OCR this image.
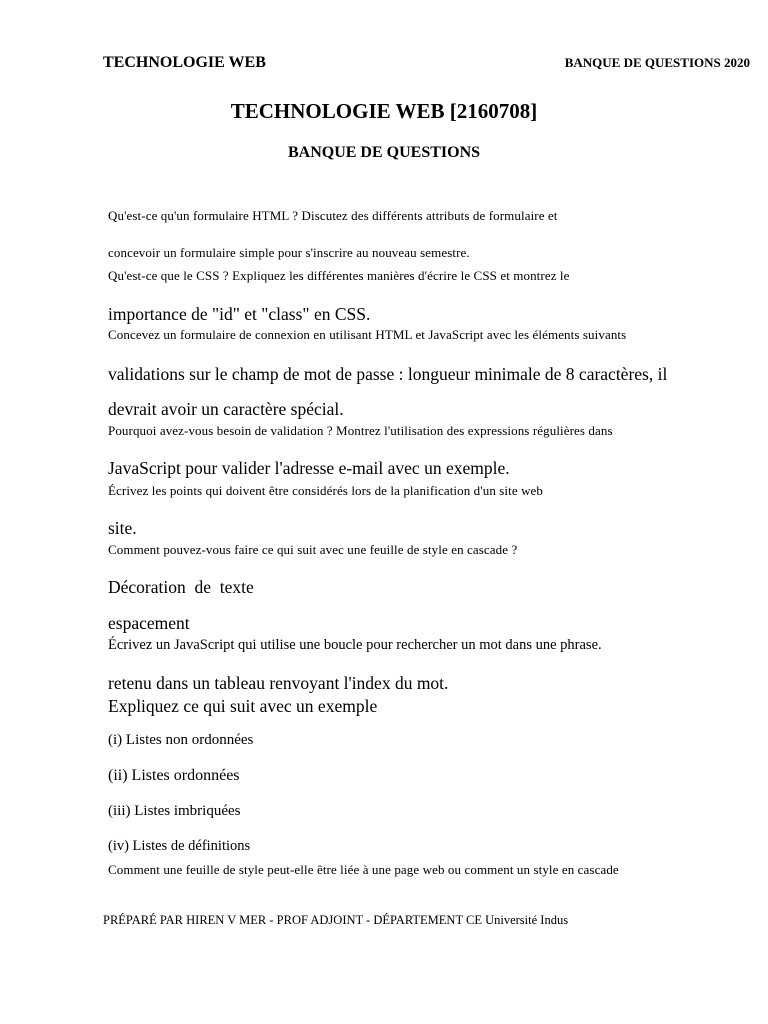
TECHNOLOGIE WEB	BANQUE DE QUESTIONS 2020
TECHNOLOGIE WEB [2160708]
BANQUE DE QUESTIONS
Qu'est-ce qu'un formulaire HTML ? Discutez des différents attributs de formulaire et
concevoir un formulaire simple pour s'inscrire au nouveau semestre.
Qu'est-ce que le CSS ? Expliquez les différentes manières d'écrire le CSS et montrez le
importance de "id" et "class" en CSS.
Concevez un formulaire de connexion en utilisant HTML et JavaScript avec les éléments suivants
validations sur le champ de mot de passe : longueur minimale de 8 caractères, il
devrait avoir un caractère spécial.
Pourquoi avez-vous besoin de validation ? Montrez l'utilisation des expressions régulières dans
JavaScript pour valider l'adresse e-mail avec un exemple.
Écrivez les points qui doivent être considérés lors de la planification d'un site web
site.
Comment pouvez-vous faire ce qui suit avec une feuille de style en cascade ?
Décoration  de  texte
espacement
Écrivez un JavaScript qui utilise une boucle pour rechercher un mot dans une phrase.
retenu dans un tableau renvoyant l'index du mot.
Expliquez ce qui suit avec un exemple
(i) Listes non ordonnées
(ii) Listes ordonnées
(iii) Listes imbriquées
(iv) Listes de définitions
Comment une feuille de style peut-elle être liée à une page web ou comment un style en cascade
PRÉPARÉ PAR HIREN V MER - PROF ADJOINT - DÉPARTEMENT CE Université Indus
